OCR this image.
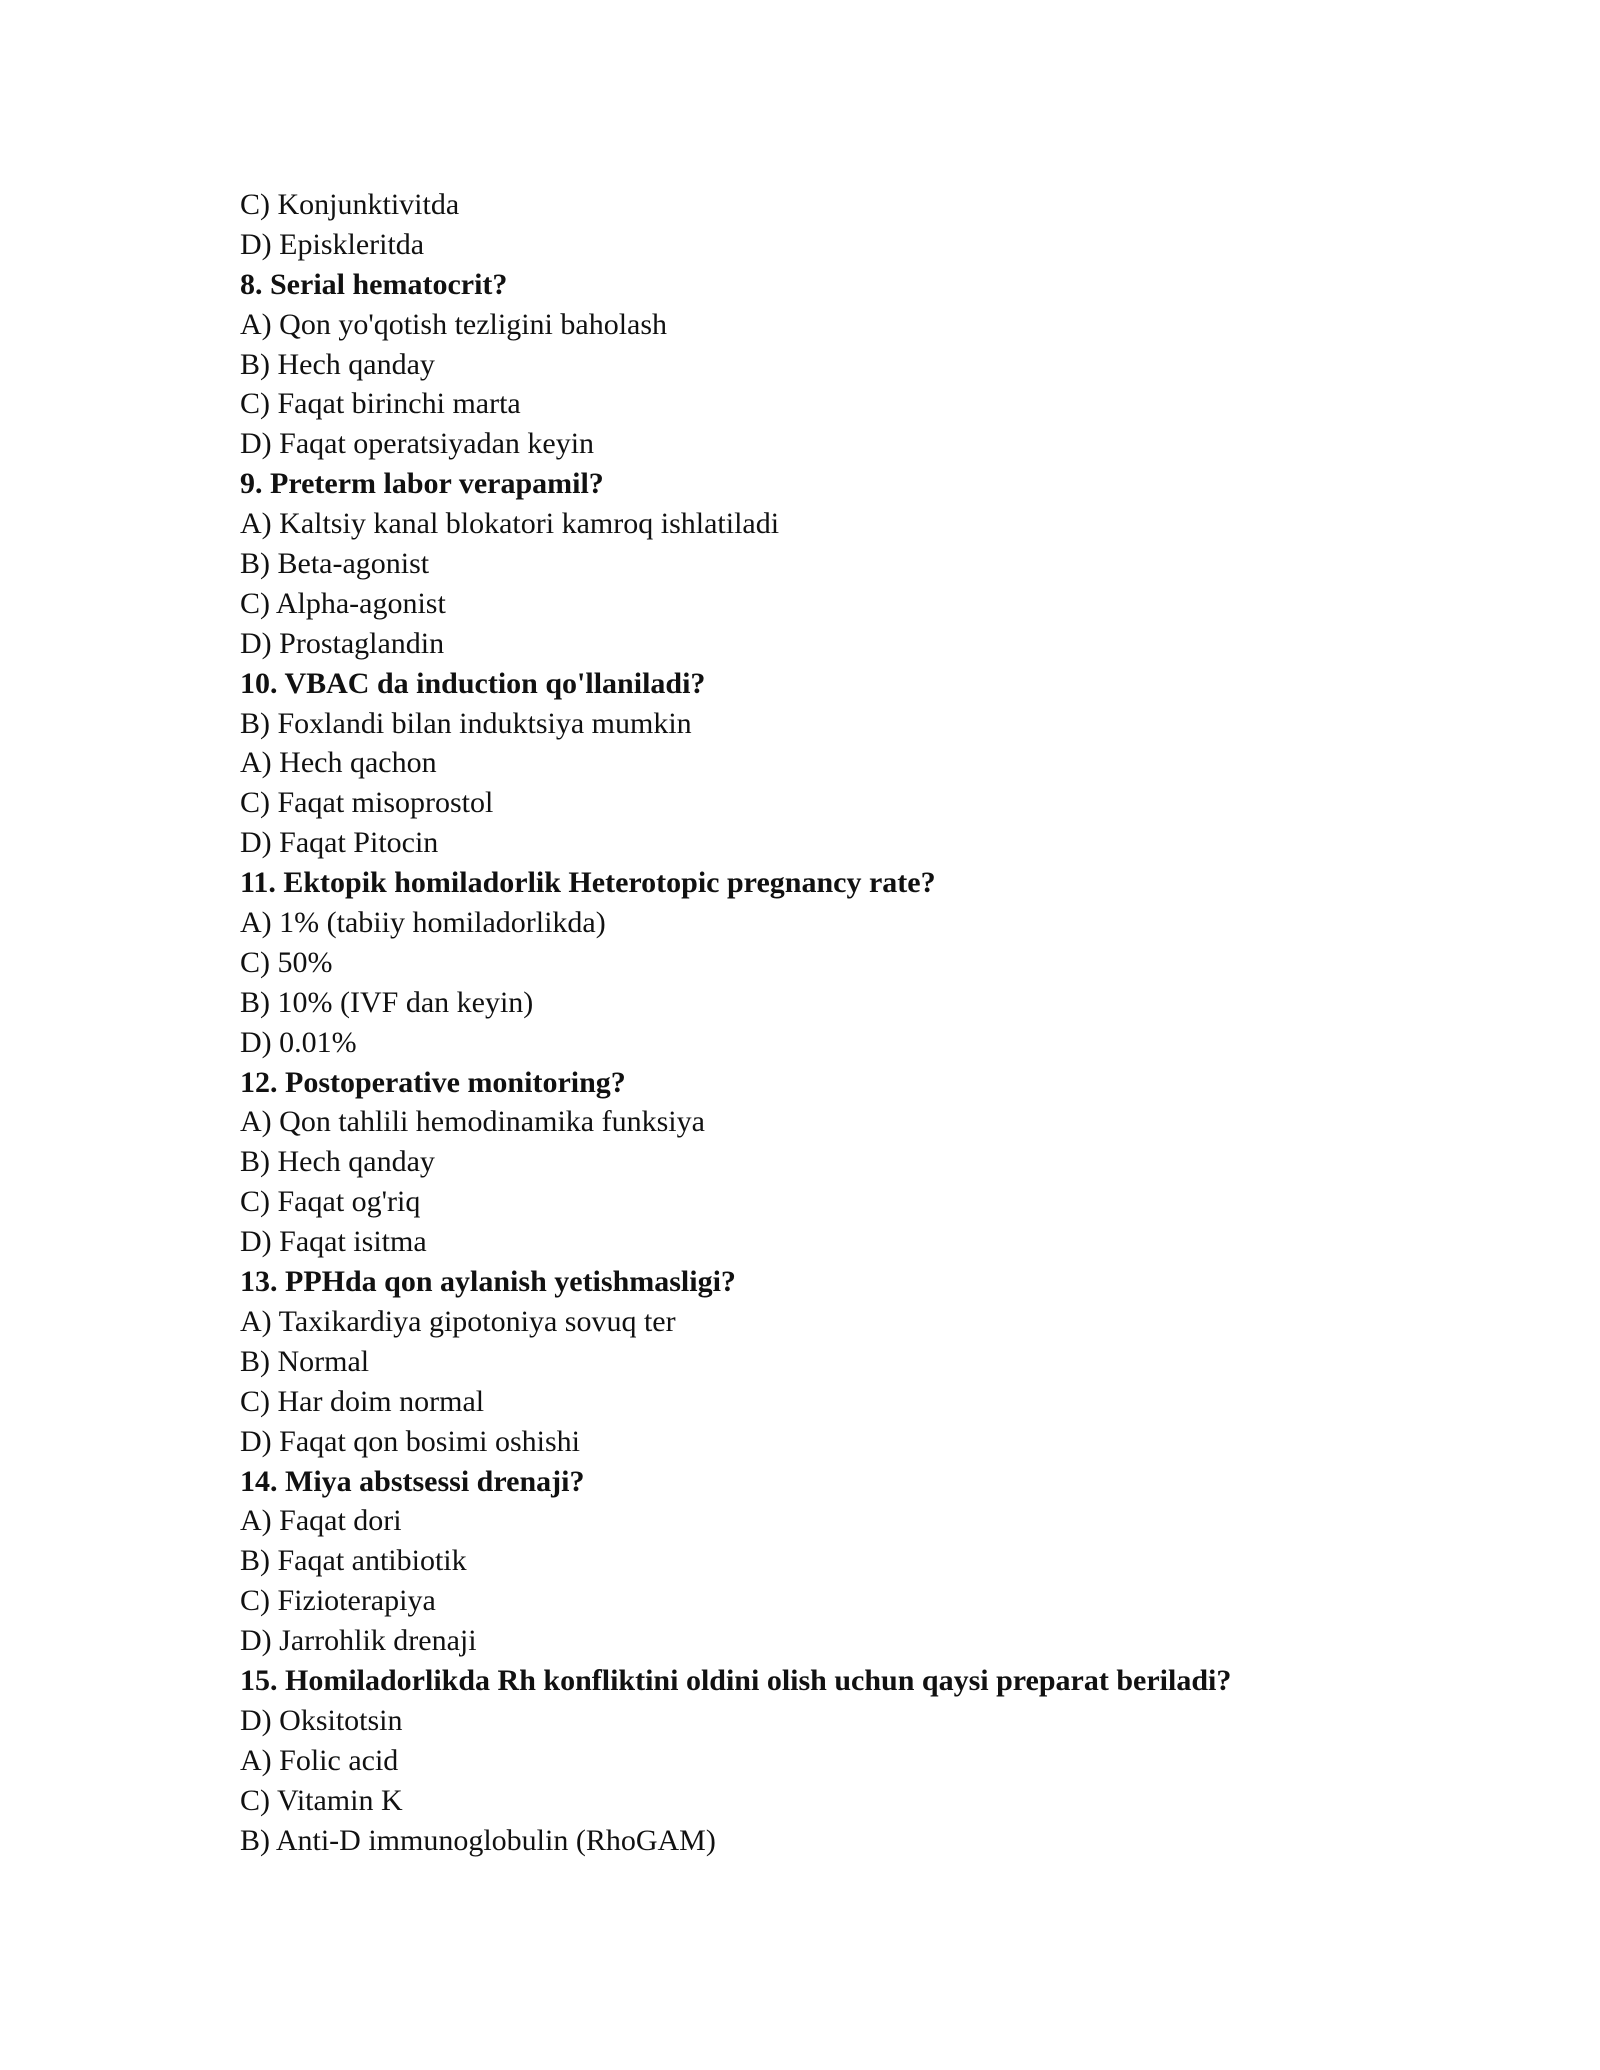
C) Konjunktivitda
D) Episkleritda
8. Serial hematocrit?
A) Qon yo'qotish tezligini baholash
B) Hech qanday
C) Faqat birinchi marta
D) Faqat operatsiyadan keyin
9. Preterm labor verapamil?
A) Kaltsiy kanal blokatori kamroq ishlatiladi
B) Beta-agonist
C) Alpha-agonist
D) Prostaglandin
10. VBAC da induction qo'llaniladi?
B) Foxlandi bilan induktsiya mumkin
A) Hech qachon
C) Faqat misoprostol
D) Faqat Pitocin
11. Ektopik homiladorlik Heterotopic pregnancy rate?
A) 1% (tabiiy homiladorlikda)
C) 50%
B) 10% (IVF dan keyin)
D) 0.01%
12. Postoperative monitoring?
A) Qon tahlili hemodinamika funksiya
B) Hech qanday
C) Faqat og'riq
D) Faqat isitma
13. PPHda qon aylanish yetishmasligi?
A) Taxikardiya gipotoniya sovuq ter
B) Normal
C) Har doim normal
D) Faqat qon bosimi oshishi
14. Miya abstsessi drenaji?
A) Faqat dori
B) Faqat antibiotik
C) Fizioterapiya
D) Jarrohlik drenaji
15. Homiladorlikda Rh konfliktini oldini olish uchun qaysi preparat beriladi?
D) Oksitotsin
A) Folic acid
C) Vitamin K
B) Anti-D immunoglobulin (RhoGAM)
